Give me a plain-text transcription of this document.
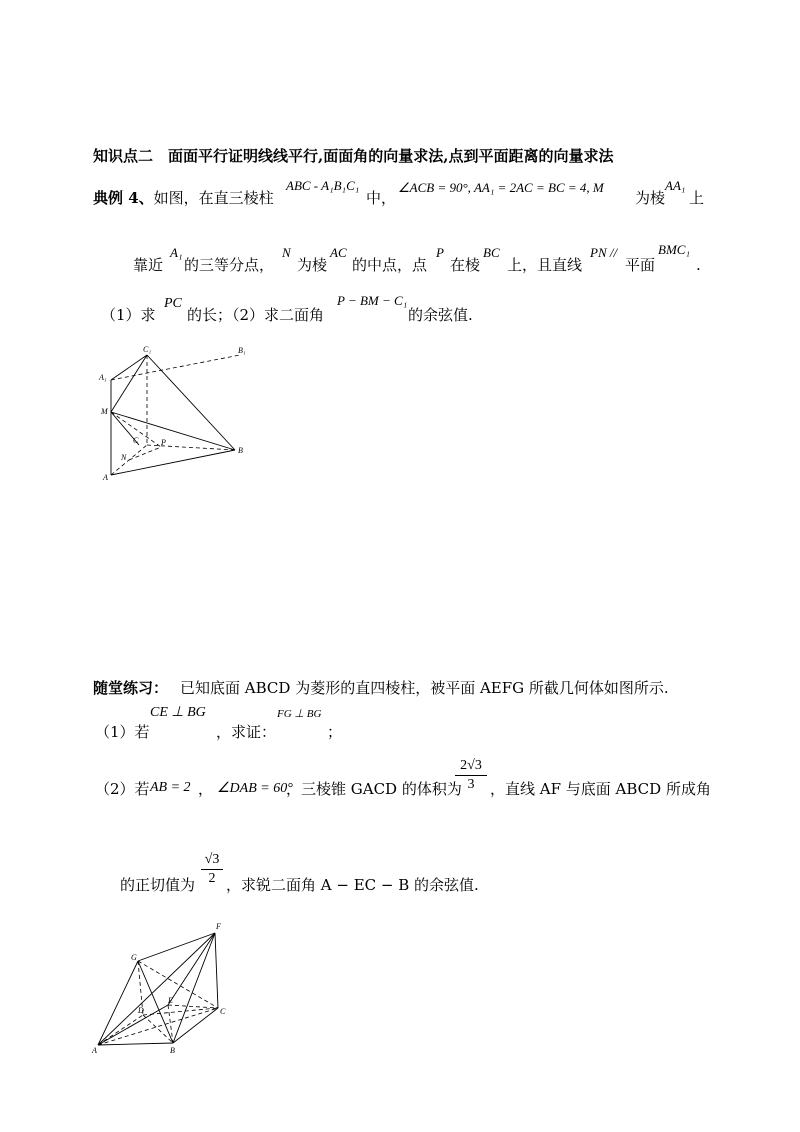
知识点二　面面平行证明线线平行,面面角的向量求法,点到平面距离的向量求法
典例 4、如图，在直三棱柱
ABC - A₁B₁C₁
中，
∠ACB = 90°, AA₁ = 2AC = BC = 4, M
为棱
AA₁
上
靠近
A₁
的三等分点，
N
为棱
AC
的中点，点
P
在棱
BC
上，且直线
PN //
平面
BMC₁
.
（1）求
PC
的长；（2）求二面角
P − BM − C₁
的余弦值.
C₁	B₁
A₁
M
C	P
N
B
A
随堂练习： 已知底面 ABCD 为菱形的直四棱柱，被平面 AEFG 所截几何体如图所示.
（1）若
CE ⊥ BG
，求证：
FG ⊥ BG
；
（2）若 AB = 2 ， ∠DAB = 60°
，三棱锥 GACD 的体积为
2√3
3	，直线 AF 与底面 ABCD 所成角
的正切值为
√3
2 ，求锐二面角 A − EC − B 的余弦值.
F
G
E
D	C
A	B
